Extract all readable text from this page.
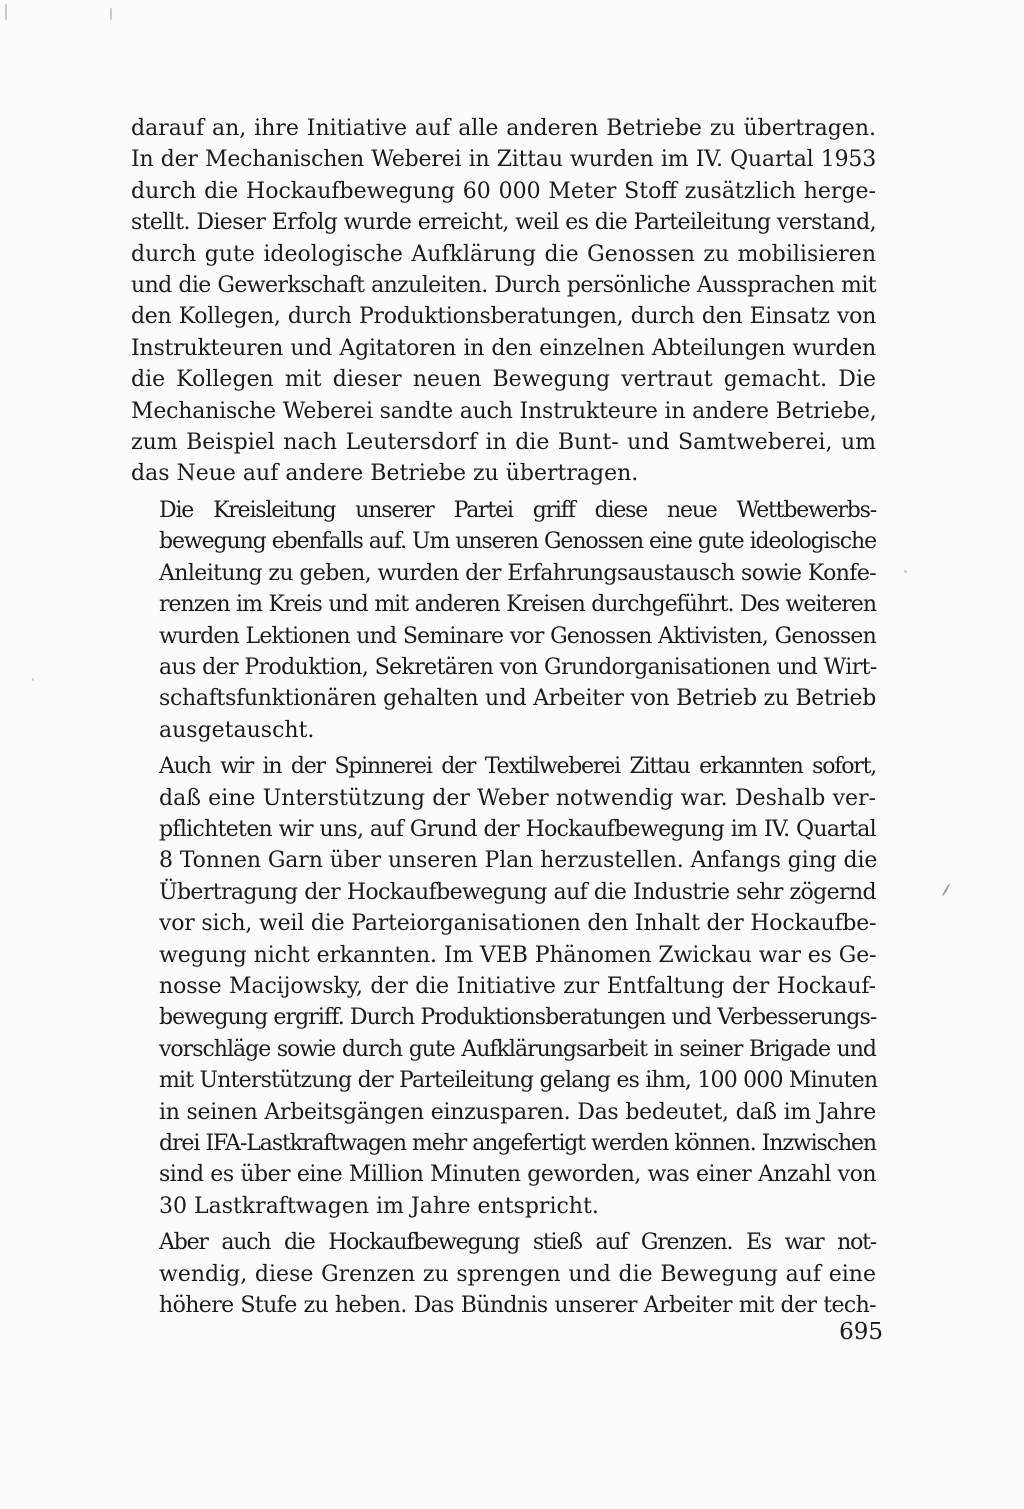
darauf an, ihre Initiative auf alle anderen Betriebe zu übertragen.
In der Mechanischen Weberei in Zittau wurden im IV. Quartal 1953
durch die Hockaufbewegung 60 000 Meter Stoff zusätzlich herge-
stellt. Dieser Erfolg wurde erreicht, weil es die Parteileitung verstand,
durch gute ideologische Aufklärung die Genossen zu mobilisieren
und die Gewerkschaft anzuleiten. Durch persönliche Aussprachen mit
den Kollegen, durch Produktionsberatungen, durch den Einsatz von
Instrukteuren und Agitatoren in den einzelnen Abteilungen wurden
die Kollegen mit dieser neuen Bewegung vertraut gemacht. Die
Mechanische Weberei sandte auch Instrukteure in andere Betriebe,
zum Beispiel nach Leutersdorf in die Bunt- und Samtweberei, um
das Neue auf andere Betriebe zu übertragen.

Die Kreisleitung unserer Partei griff diese neue Wettbewerbs-
bewegung ebenfalls auf. Um unseren Genossen eine gute ideologische
Anleitung zu geben, wurden der Erfahrungsaustausch sowie Konfe-
renzen im Kreis und mit anderen Kreisen durchgeführt. Des weiteren
wurden Lektionen und Seminare vor Genossen Aktivisten, Genossen
aus der Produktion, Sekretären von Grundorganisationen und Wirt-
schaftsfunktionären gehalten und Arbeiter von Betrieb zu Betrieb
ausgetauscht.

Auch wir in der Spinnerei der Textilweberei Zittau erkannten sofort,
daß eine Unterstützung der Weber notwendig war. Deshalb ver-
pflichteten wir uns, auf Grund der Hockaufbewegung im IV. Quartal
8 Tonnen Garn über unseren Plan herzustellen. Anfangs ging die
Übertragung der Hockaufbewegung auf die Industrie sehr zögernd
vor sich, weil die Parteiorganisationen den Inhalt der Hockaufbe-
wegung nicht erkannten. Im VEB Phänomen Zwickau war es Ge-
nosse Macijowsky, der die Initiative zur Entfaltung der Hockauf-
bewegung ergriff. Durch Produktionsberatungen und Verbesserungs-
vorschläge sowie durch gute Aufklärungsarbeit in seiner Brigade und
mit Unterstützung der Parteileitung gelang es ihm, 100 000 Minuten
in seinen Arbeitsgängen einzusparen. Das bedeutet, daß im Jahre
drei IFA-Lastkraftwagen mehr angefertigt werden können. Inzwischen
sind es über eine Million Minuten geworden, was einer Anzahl von
30 Lastkraftwagen im Jahre entspricht.

Aber auch die Hockaufbewegung stieß auf Grenzen. Es war not-
wendig, diese Grenzen zu sprengen und die Bewegung auf eine
höhere Stufe zu heben. Das Bündnis unserer Arbeiter mit der tech-

695
